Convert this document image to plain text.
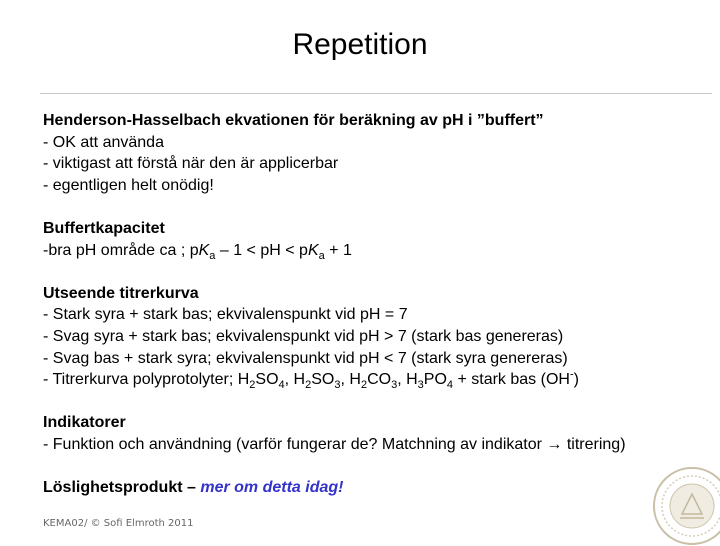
Repetition
Henderson-Hasselbach ekvationen för beräkning av pH i ”buffert”
- OK att använda
- viktigast att förstå när den är applicerbar
- egentligen helt onödig!
Buffertkapacitet
-bra pH område ca ; $pK_a - 1$ < pH < $pK_a + 1$
Utseende titrerkurva
- Stark syra + stark bas; ekvivalenspunkt vid pH = 7
- Svag syra + stark bas; ekvivalenspunkt vid pH > 7 (stark bas genereras)
- Svag bas + stark syra; ekvivalenspunkt vid pH < 7 (stark syra genereras)
- Titrerkurva polyprotolyter; $H_2SO_4$, $H_2SO_3$, $H_2CO_3$, $H_3PO_4$ + stark bas (OH-)
Indikatorer
- Funktion och användning (varför fungerar de? Matchning av indikator → titrering)
Löslighetsprodukt – mer om detta idag!
KEMA02/ © Sofi Elmroth 2011
